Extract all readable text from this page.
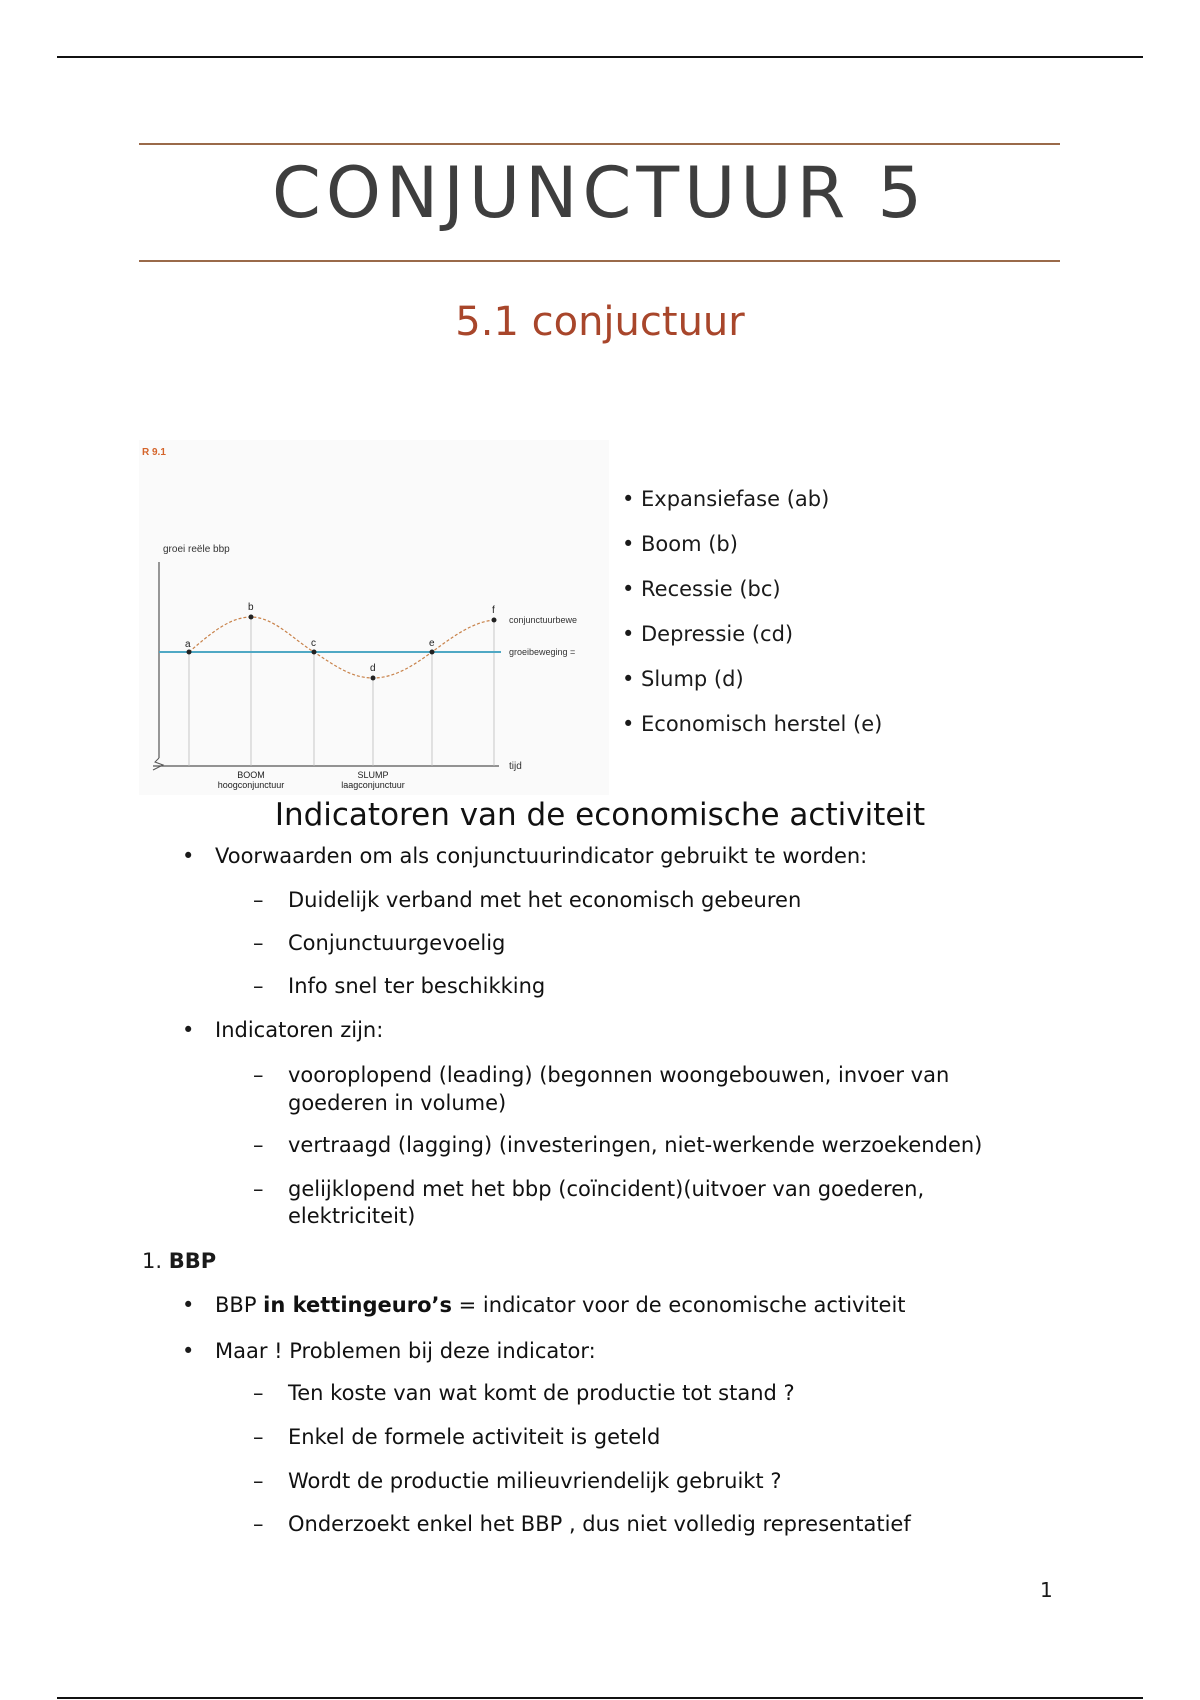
CONJUNCTUUR 5
5.1 conjuctuur
R 9.1
groei reële bbp
tijd
a
b
c
d
e
f
conjunctuurbewe
groeibeweging =
BOOM
hoogconjunctuur
SLUMP
laagconjunctuur
• Expansiefase (ab)
• Boom (b)
• Recessie (bc)
• Depressie (cd)
• Slump (d)
• Economisch herstel (e)
Indicatoren van de economische activiteit
• Voorwaarden om als conjunctuurindicator gebruikt te worden:
– Duidelijk verband met het economisch gebeuren
– Conjunctuurgevoelig
– Info snel ter beschikking
• Indicatoren zijn:
– vooroplopend (leading) (begonnen woongebouwen, invoer van
goederen in volume)
– vertraagd (lagging) (investeringen, niet-werkende werzoekenden)
– gelijklopend met het bbp (coïncident)(uitvoer van goederen,
elektriciteit)
1. BBP
• BBP in kettingeuro’s = indicator voor de economische activiteit
• Maar ! Problemen bij deze indicator:
– Ten koste van wat komt de productie tot stand ?
– Enkel de formele activiteit is geteld
– Wordt de productie milieuvriendelijk gebruikt ?
– Onderzoekt enkel het BBP , dus niet volledig representatief
1
